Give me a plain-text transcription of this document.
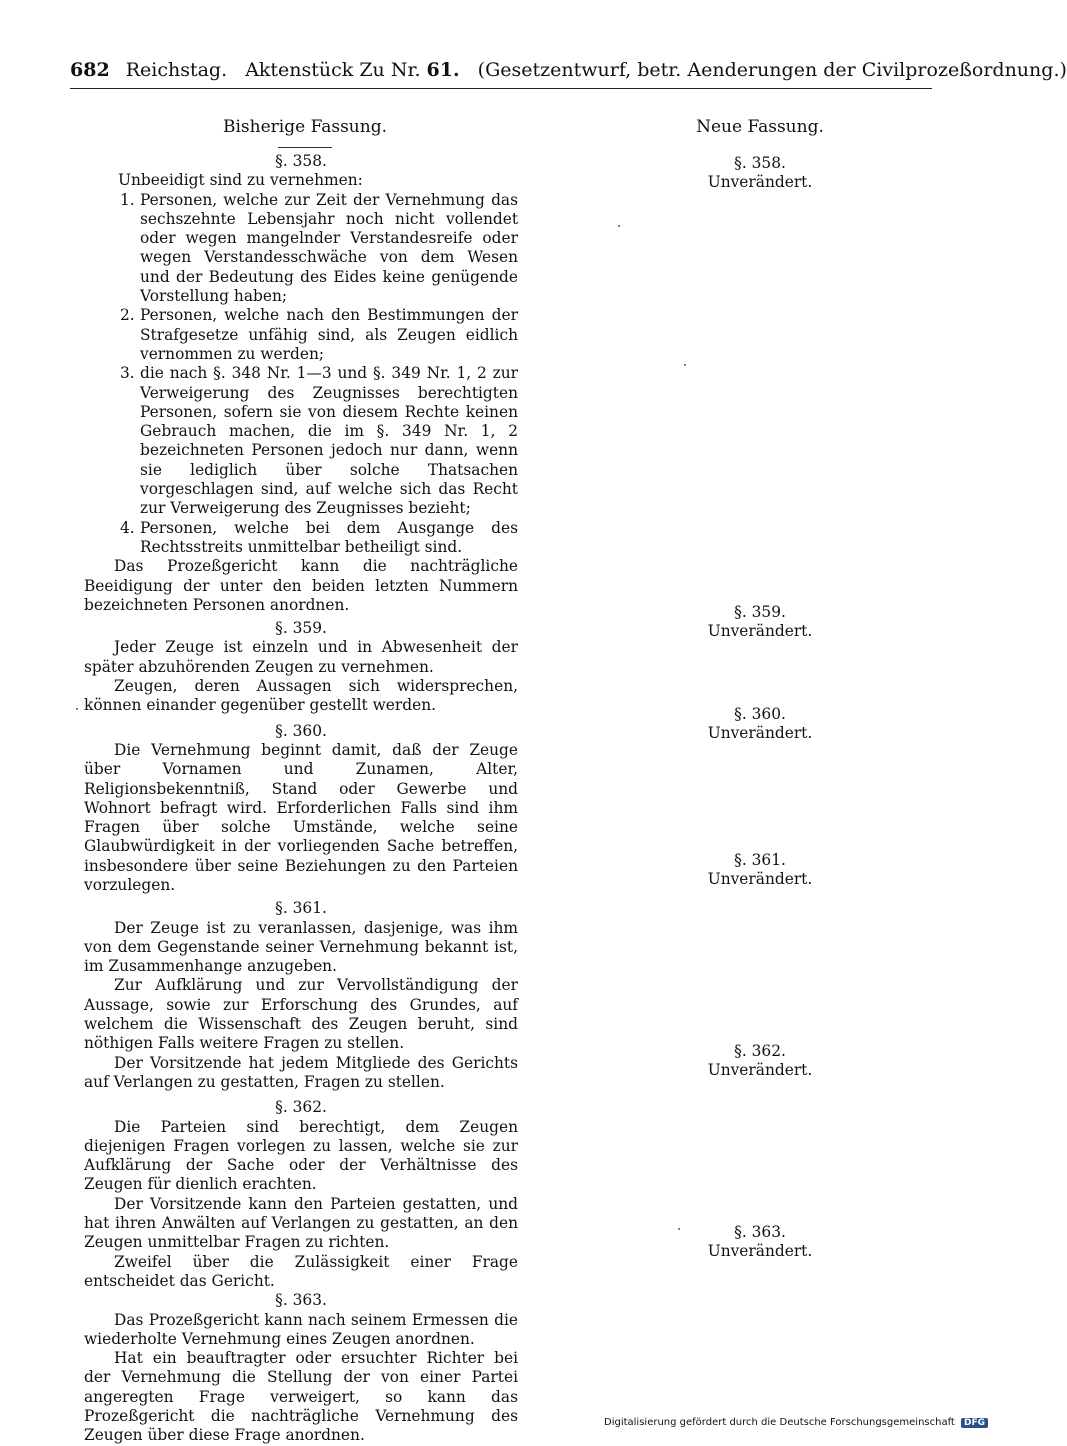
682 Reichstag. Aktenstück Zu Nr. 61. (Gesetzentwurf, betr. Aenderungen der Civilprozeßordnung.)
Bisherige Fassung.	Neue Fassung.
§. 358.
Unbeeidigt sind zu vernehmen:
1. Personen, welche zur Zeit der Vernehmung das sechszehnte Lebensjahr noch nicht vollendet oder wegen mangelnder Verstandesreife oder wegen Verstandesschwäche von dem Wesen und der Bedeutung des Eides keine genügende Vorstellung haben;
2. Personen, welche nach den Bestimmungen der Strafgesetze unfähig sind, als Zeugen eidlich vernommen zu werden;
3. die nach §. 348 Nr. 1—3 und §. 349 Nr. 1, 2 zur Verweigerung des Zeugnisses berechtigten Personen, sofern sie von diesem Rechte keinen Gebrauch machen, die im §. 349 Nr. 1, 2 bezeichneten Personen jedoch nur dann, wenn sie lediglich über solche Thatsachen vorgeschlagen sind, auf welche sich das Recht zur Verweigerung des Zeugnisses bezieht;
4. Personen, welche bei dem Ausgange des Rechtsstreits unmittelbar betheiligt sind.
Das Prozeßgericht kann die nachträgliche Beeidigung der unter den beiden letzten Nummern bezeichneten Personen anordnen.
§. 359.
Jeder Zeuge ist einzeln und in Abwesenheit der später abzuhörenden Zeugen zu vernehmen.
Zeugen, deren Aussagen sich widersprechen, können einander gegenüber gestellt werden.
§. 360.
Die Vernehmung beginnt damit, daß der Zeuge über Vornamen und Zunamen, Alter, Religionsbekenntniß, Stand oder Gewerbe und Wohnort befragt wird. Erforderlichen Falls sind ihm Fragen über solche Umstände, welche seine Glaubwürdigkeit in der vorliegenden Sache betreffen, insbesondere über seine Beziehungen zu den Parteien vorzulegen.
§. 361.
Der Zeuge ist zu veranlassen, dasjenige, was ihm von dem Gegenstande seiner Vernehmung bekannt ist, im Zusammenhange anzugeben.
Zur Aufklärung und zur Vervollständigung der Aussage, sowie zur Erforschung des Grundes, auf welchem die Wissenschaft des Zeugen beruht, sind nöthigen Falls weitere Fragen zu stellen.
Der Vorsitzende hat jedem Mitgliede des Gerichts auf Verlangen zu gestatten, Fragen zu stellen.
§. 362.
Die Parteien sind berechtigt, dem Zeugen diejenigen Fragen vorlegen zu lassen, welche sie zur Aufklärung der Sache oder der Verhältnisse des Zeugen für dienlich erachten.
Der Vorsitzende kann den Parteien gestatten, und hat ihren Anwälten auf Verlangen zu gestatten, an den Zeugen unmittelbar Fragen zu richten.
Zweifel über die Zulässigkeit einer Frage entscheidet das Gericht.
§. 363.
Das Prozeßgericht kann nach seinem Ermessen die wiederholte Vernehmung eines Zeugen anordnen.
Hat ein beauftragter oder ersuchter Richter bei der Vernehmung die Stellung der von einer Partei angeregten Frage verweigert, so kann das Prozeßgericht die nachträgliche Vernehmung des Zeugen über diese Frage anordnen.
§. 358.
Unverändert.
§. 359.
Unverändert.
§. 360.
Unverändert.
§. 361.
Unverändert.
§. 362.
Unverändert.
§. 363.
Unverändert.
Digitalisierung gefördert durch die Deutsche Forschungsgemeinschaft DFG
